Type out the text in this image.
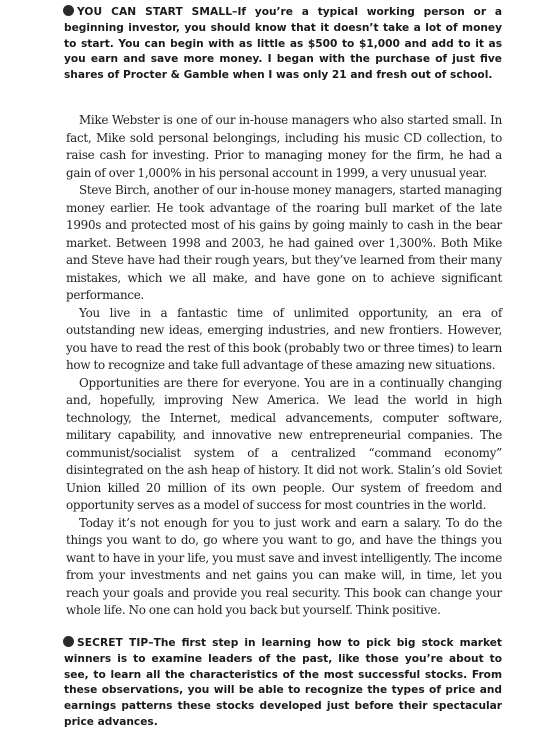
YOU CAN START SMALL–If you’re a typical working person or a beginning investor, you should know that it doesn’t take a lot of money to start. You can begin with as little as $500 to $1,000 and add to it as you earn and save more money. I began with the purchase of just five shares of Procter & Gamble when I was only 21 and fresh out of school.

Mike Webster is one of our in-house managers who also started small. In fact, Mike sold personal belongings, including his music CD collection, to raise cash for investing. Prior to managing money for the firm, he had a gain of over 1,000% in his personal account in 1999, a very unusual year.

Steve Birch, another of our in-house money managers, started managing money earlier. He took advantage of the roaring bull market of the late 1990s and protected most of his gains by going mainly to cash in the bear market. Between 1998 and 2003, he had gained over 1,300%. Both Mike and Steve have had their rough years, but they’ve learned from their many mistakes, which we all make, and have gone on to achieve significant performance.

You live in a fantastic time of unlimited opportunity, an era of outstanding new ideas, emerging industries, and new frontiers. However, you have to read the rest of this book (probably two or three times) to learn how to recognize and take full advantage of these amazing new situations.

Opportunities are there for everyone. You are in a continually changing and, hopefully, improving New America. We lead the world in high technology, the Internet, medical advancements, computer software, military capability, and innovative new entrepreneurial companies. The communist/socialist system of a centralized “command economy” disintegrated on the ash heap of history. It did not work. Stalin’s old Soviet Union killed 20 million of its own people. Our system of freedom and opportunity serves as a model of success for most countries in the world.

Today it’s not enough for you to just work and earn a salary. To do the things you want to do, go where you want to go, and have the things you want to have in your life, you must save and invest intelligently. The income from your investments and net gains you can make will, in time, let you reach your goals and provide you real security. This book can change your whole life. No one can hold you back but yourself. Think positive.

SECRET TIP–The first step in learning how to pick big stock market winners is to examine leaders of the past, like those you’re about to see, to learn all the characteristics of the most successful stocks. From these observations, you will be able to recognize the types of price and earnings patterns these stocks developed just before their spectacular price advances.
